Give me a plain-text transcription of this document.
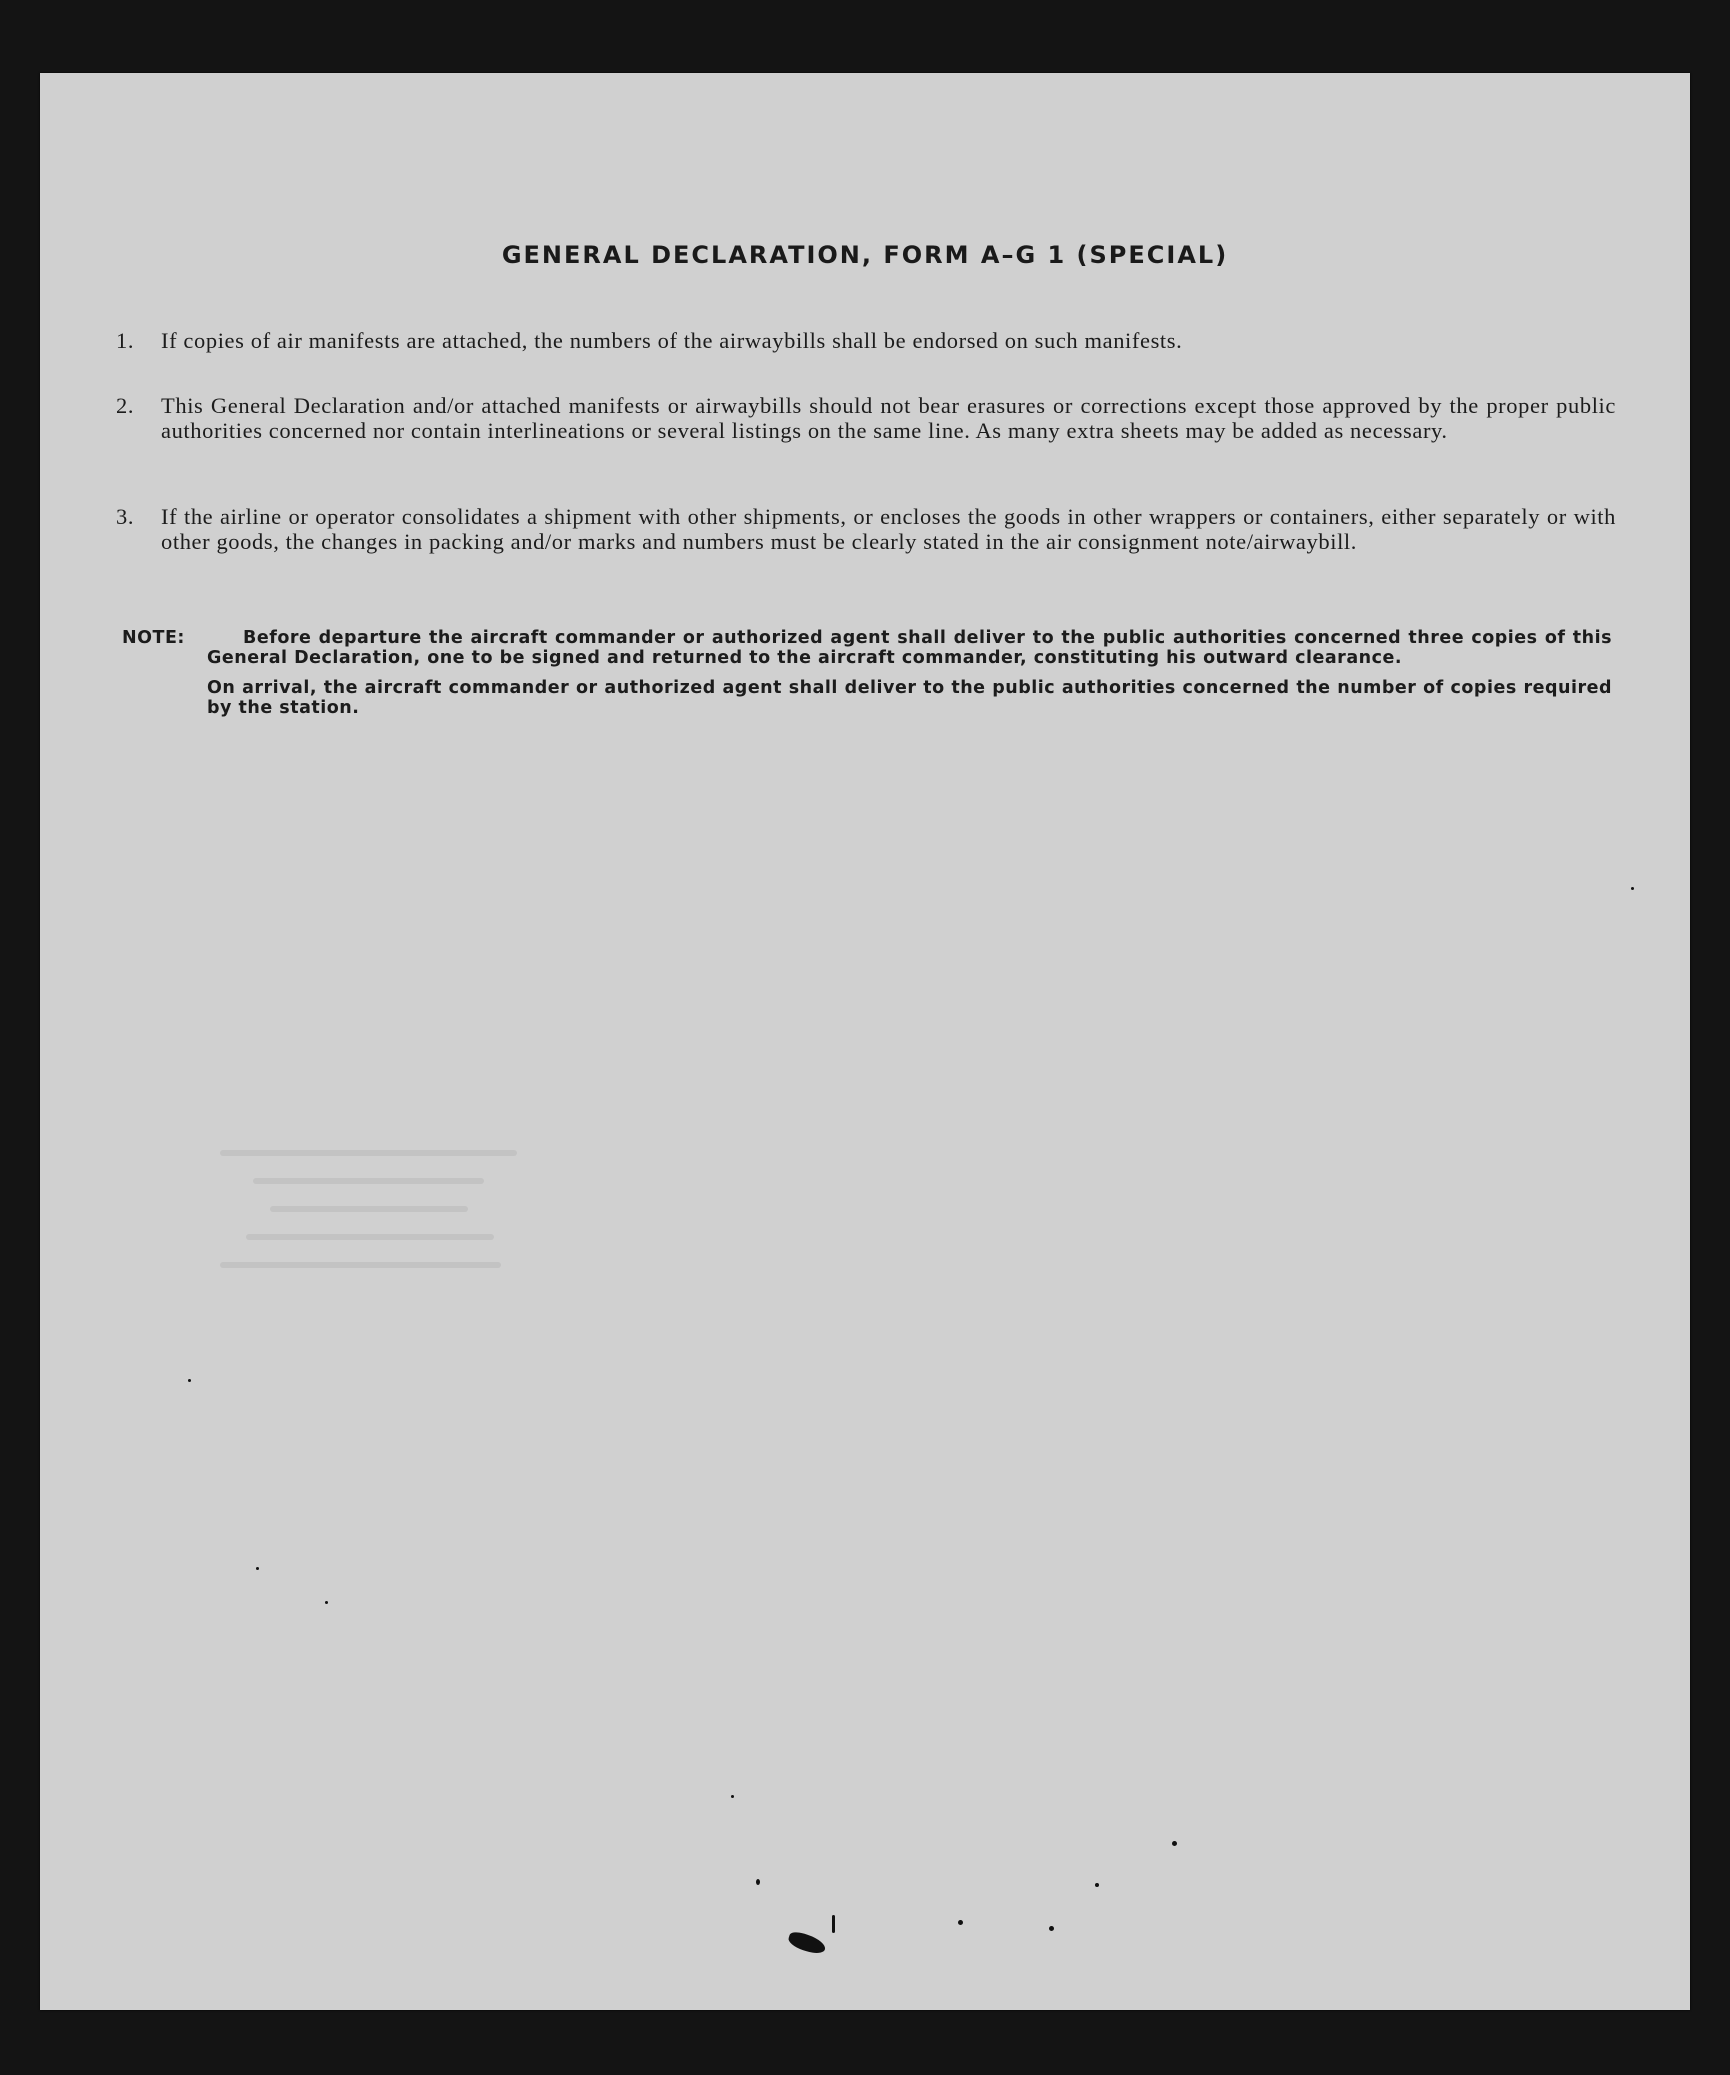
GENERAL DECLARATION, FORM A–G 1 (SPECIAL)
1.	If copies of air manifests are attached, the numbers of the airwaybills shall be endorsed on such manifests.
2.	This General Declaration and/or attached manifests or airwaybills should not bear erasures or corrections except those approved by the proper public authorities concerned nor contain interlineations or several listings on the same line. As many extra sheets may be added as necessary.
3.	If the airline or operator consolidates a shipment with other shipments, or encloses the goods in other wrappers or containers, either separately or with other goods, the changes in packing and/or marks and numbers must be clearly stated in the air consignment note/airwaybill.
NOTE:	Before departure the aircraft commander or authorized agent shall deliver to the public authorities concerned three copies of this General Declaration, one to be signed and returned to the aircraft commander, constituting his outward clearance.
On arrival, the aircraft commander or authorized agent shall deliver to the public authorities concerned the number of copies required by the station.
